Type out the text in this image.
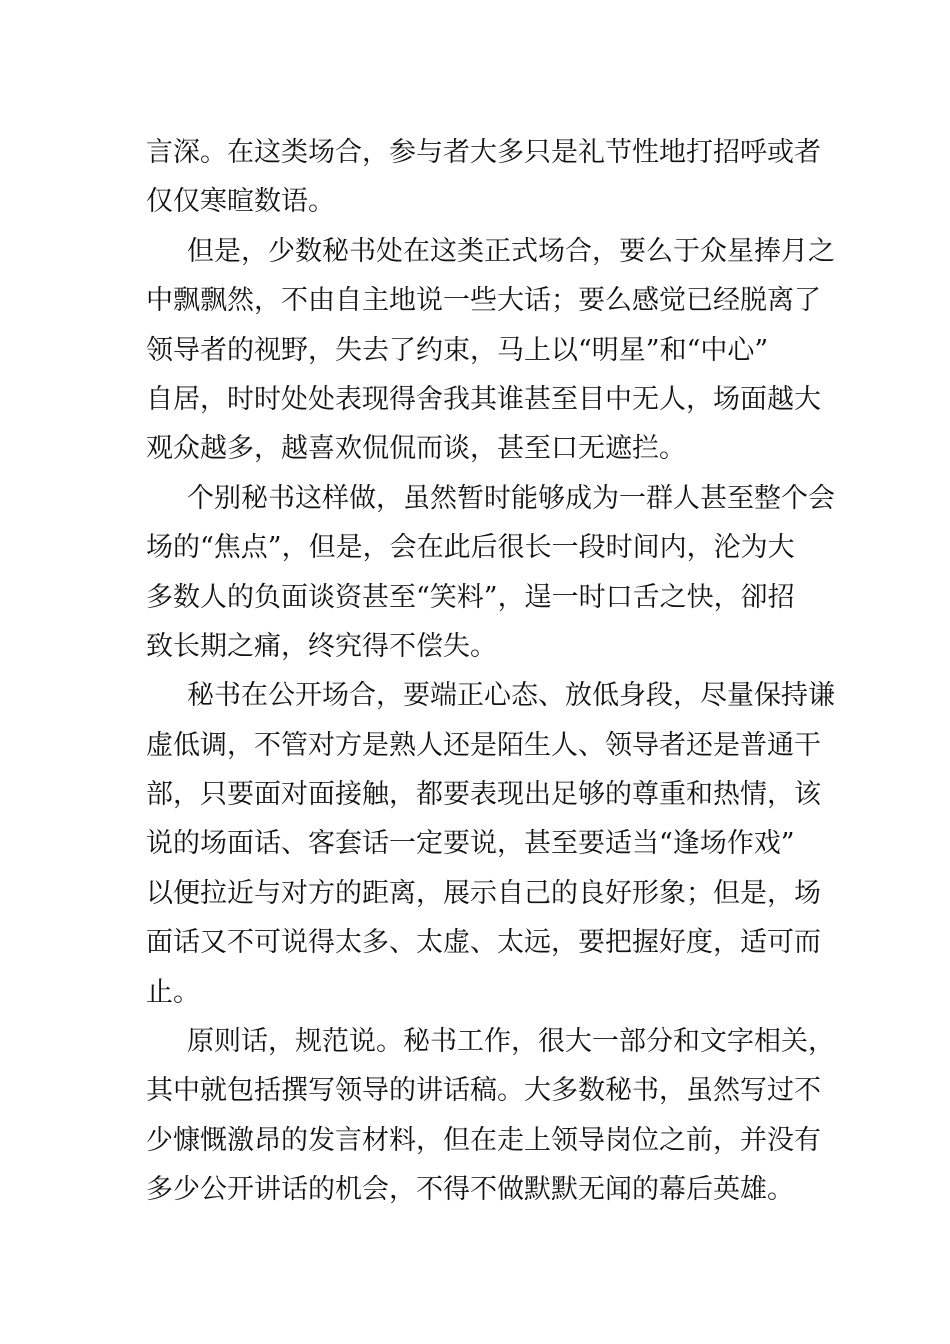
言深。在这类场合，参与者大多只是礼节性地打招呼或者
仅仅寒暄数语。
但是，少数秘书处在这类正式场合，要么于众星捧月之
中飘飘然，不由自主地说一些大话；要么感觉已经脱离了
领导者的视野，失去了约束，马上以“明星”和“中心”
自居，时时处处表现得舍我其谁甚至目中无人，场面越大
观众越多，越喜欢侃侃而谈，甚至口无遮拦。
个别秘书这样做，虽然暂时能够成为一群人甚至整个会
场的“焦点”，但是，会在此后很长一段时间内，沦为大
多数人的负面谈资甚至“笑料”，逞一时口舌之快，卻招
致长期之痛，终究得不偿失。
秘书在公开场合，要端正心态、放低身段，尽量保持谦
虚低调，不管对方是熟人还是陌生人、领导者还是普通干
部，只要面对面接触，都要表现出足够的尊重和热情，该
说的场面话、客套话一定要说，甚至要适当“逢场作戏”
以便拉近与对方的距离，展示自己的良好形象；但是，场
面话又不可说得太多、太虚、太远，要把握好度，适可而
止。
原则话，规范说。秘书工作，很大一部分和文字相关，
其中就包括撰写领导的讲话稿。大多数秘书，虽然写过不
少慷慨激昂的发言材料，但在走上领导岗位之前，并没有
多少公开讲话的机会，不得不做默默无闻的幕后英雄。
